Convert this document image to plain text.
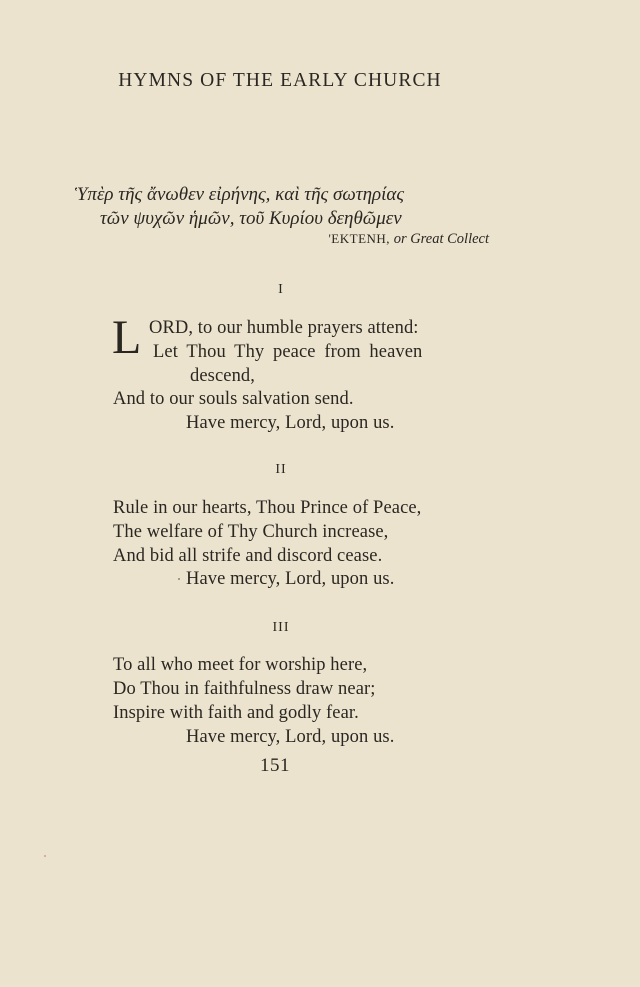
HYMNS OF THE EARLY CHURCH
Ὑπὲρ τῆς ἄνωθεν εἰρήνης, καὶ τῆς σωτηρίας
τῶν ψυχῶν ἡμῶν, τοῦ Κυρίου δεηθῶμεν
'EKTENH, or Great Collect
I
L ORD, to our humble prayers attend:
Let Thou Thy peace from heaven
descend,
And to our souls salvation send.
Have mercy, Lord, upon us.
II
Rule in our hearts, Thou Prince of Peace,
The welfare of Thy Church increase,
And bid all strife and discord cease.
Have mercy, Lord, upon us.
III
To all who meet for worship here,
Do Thou in faithfulness draw near;
Inspire with faith and godly fear.
Have mercy, Lord, upon us.
151
